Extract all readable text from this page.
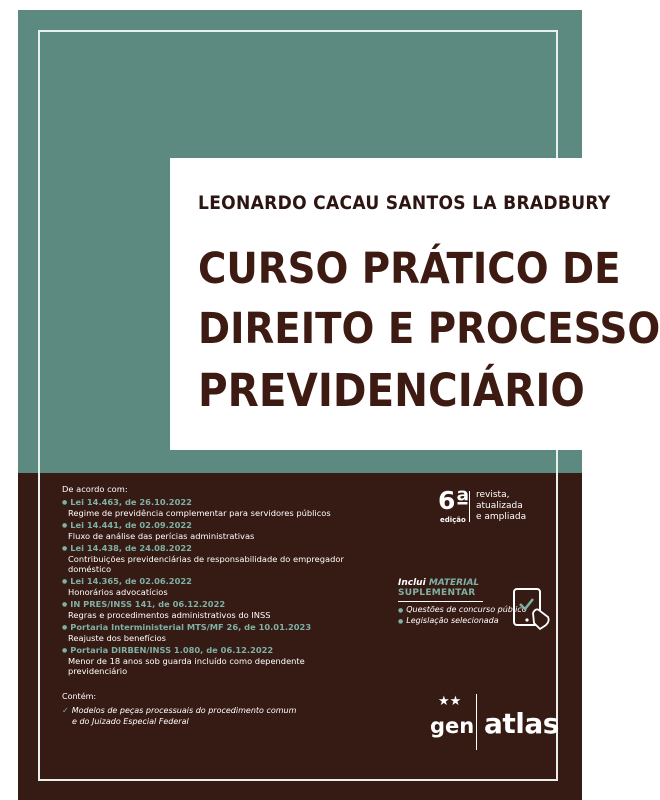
LEONARDO CACAU SANTOS LA BRADBURY
CURSO PRÁTICO DE
DIREITO E PROCESSO
PREVIDENCIÁRIO
De acordo com:
● Lei 14.463, de 26.10.2022
Regime de previdência complementar para servidores públicos
● Lei 14.441, de 02.09.2022
Fluxo de análise das perícias administrativas
● Lei 14.438, de 24.08.2022
Contribuições previdenciárias de responsabilidade do empregador doméstico
● Lei 14.365, de 02.06.2022
Honorários advocatícios
● IN PRES/INSS 141, de 06.12.2022
Regras e procedimentos administrativos do INSS
● Portaria Interministerial MTS/MF 26, de 10.01.2023
Reajuste dos benefícios
● Portaria DIRBEN/INSS 1.080, de 06.12.2022
Menor de 18 anos sob guarda incluído como dependente previdenciário
6ª
edição
revista,
atualizada
e ampliada
Inclui MATERIAL
SUPLEMENTAR
● Questões de concurso público
● Legislação selecionada
Contém:
✓ Modelos de peças processuais do procedimento comum
e do Juizado Especial Federal
★★
gen atlas
